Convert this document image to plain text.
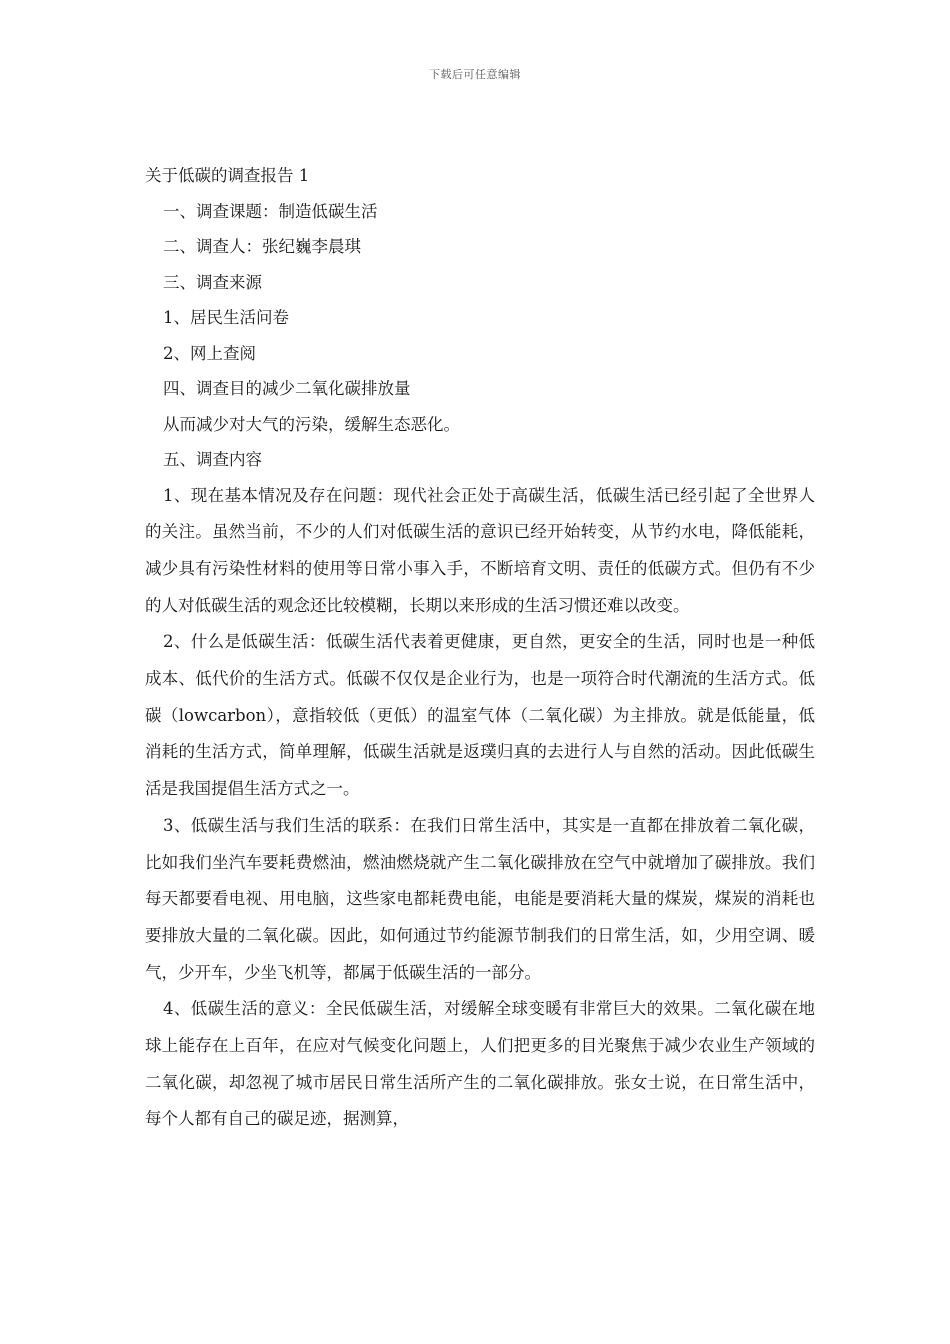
下载后可任意编辑
关于低碳的调查报告 1
一、调查课题：制造低碳生活
二、调查人：张纪巍李晨琪
三、调查来源
1、居民生活问卷
2、网上查阅
四、调查目的减少二氧化碳排放量
从而减少对大气的污染，缓解生态恶化。
五、调查内容

1、现在基本情况及存在问题：现代社会正处于高碳生活，低碳生活已经引起了全世界人的关注。虽然当前，不少的人们对低碳生活的意识已经开始转变，从节约水电，降低能耗，减少具有污染性材料的使用等日常小事入手，不断培育文明、责任的低碳方式。但仍有不少的人对低碳生活的观念还比较模糊，长期以来形成的生活习惯还难以改变。

2、什么是低碳生活：低碳生活代表着更健康，更自然，更安全的生活，同时也是一种低成本、低代价的生活方式。低碳不仅仅是企业行为，也是一项符合时代潮流的生活方式。低碳（lowcarbon），意指较低（更低）的温室气体（二氧化碳）为主排放。就是低能量，低消耗的生活方式，简单理解，低碳生活就是返璞归真的去进行人与自然的活动。因此低碳生活是我国提倡生活方式之一。

3、低碳生活与我们生活的联系：在我们日常生活中，其实是一直都在排放着二氧化碳，比如我们坐汽车要耗费燃油，燃油燃烧就产生二氧化碳排放在空气中就增加了碳排放。我们每天都要看电视、用电脑，这些家电都耗费电能，电能是要消耗大量的煤炭，煤炭的消耗也要排放大量的二氧化碳。因此，如何通过节约能源节制我们的日常生活，如，少用空调、暖气，少开车，少坐飞机等，都属于低碳生活的一部分。

4、低碳生活的意义：全民低碳生活，对缓解全球变暖有非常巨大的效果。二氧化碳在地球上能存在上百年，在应对气候变化问题上，人们把更多的目光聚焦于减少农业生产领域的二氧化碳，却忽视了城市居民日常生活所产生的二氧化碳排放。张女士说，在日常生活中，每个人都有自己的碳足迹，据测算，
